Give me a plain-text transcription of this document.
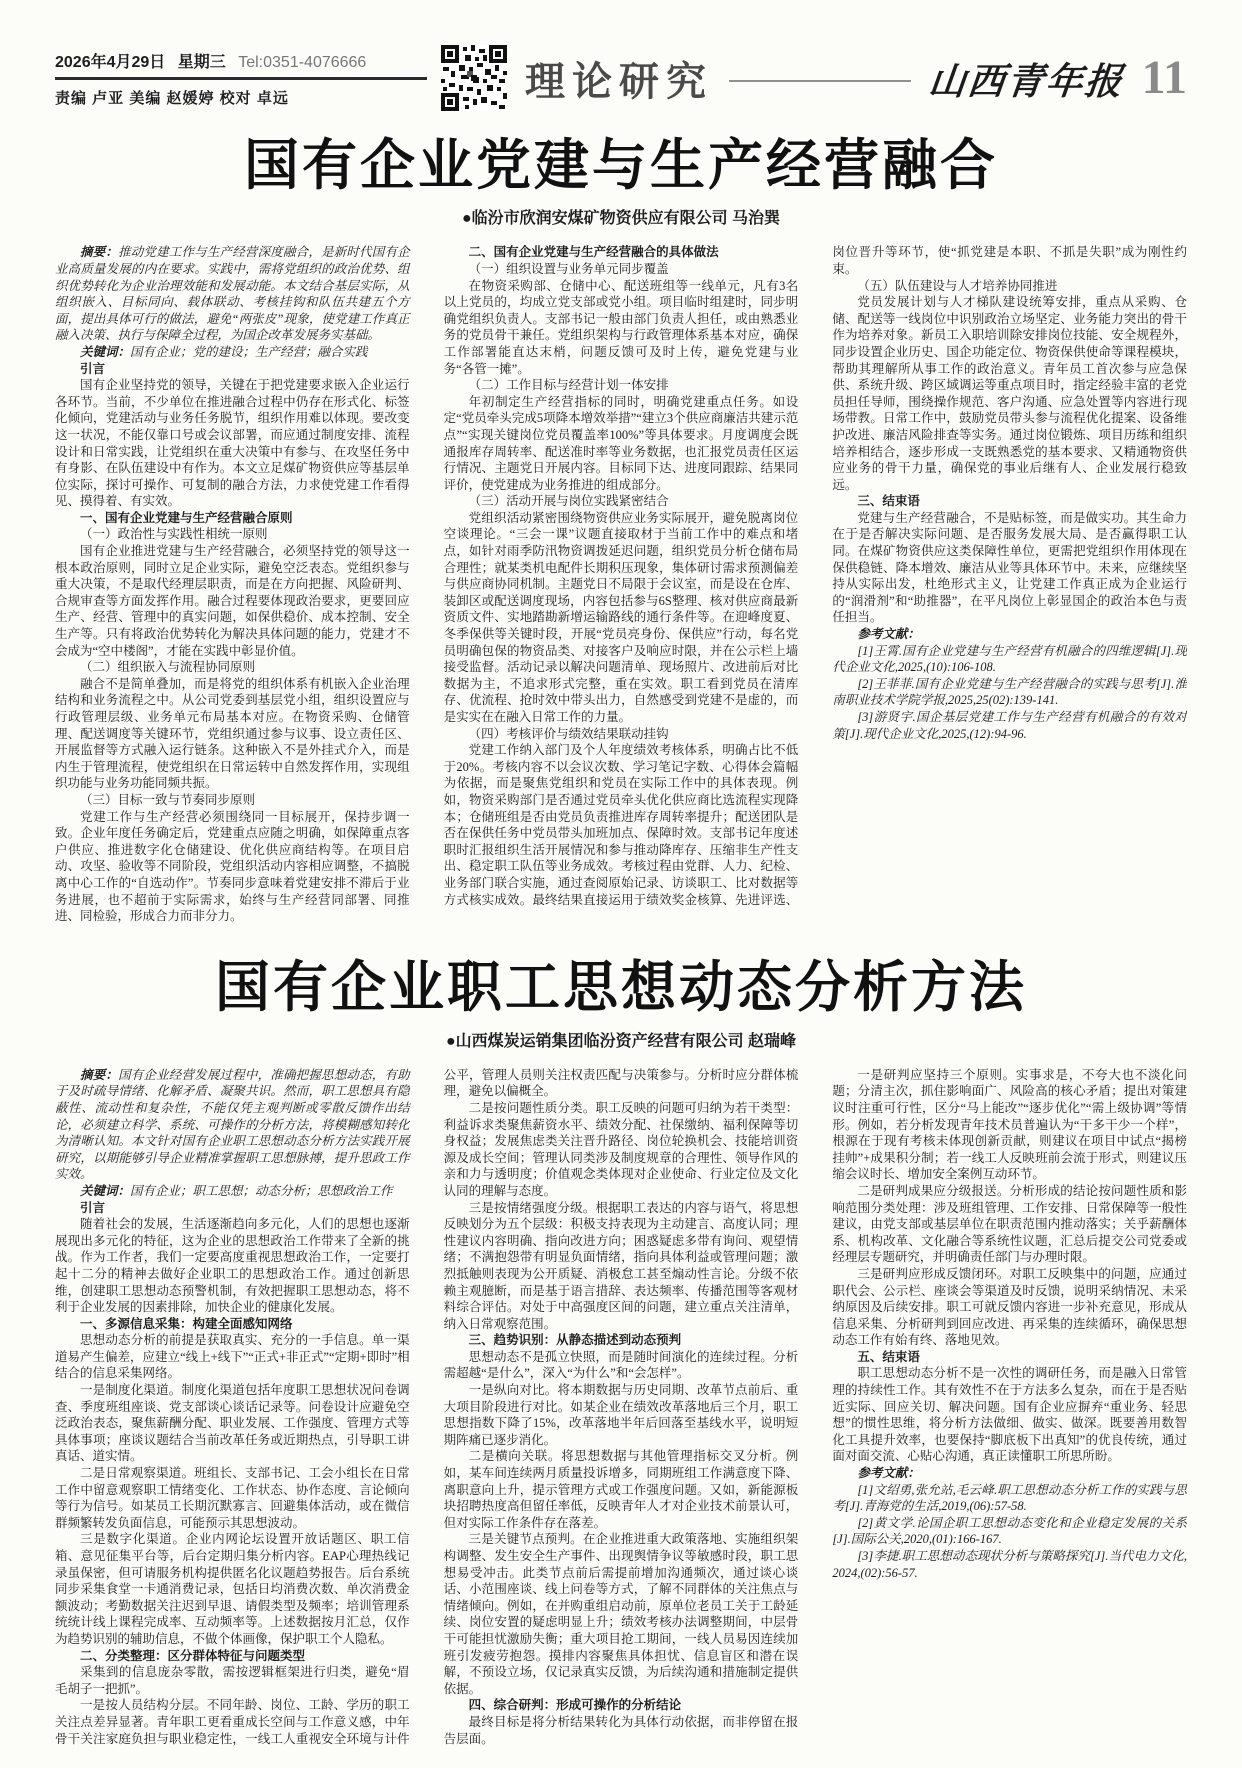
2026年4月29日 星期三 Tel:0351-4076666
责编 卢亚 美编 赵媛婷 校对 卓远	理论研究	山西青年报 11
国有企业党建与生产经营融合
●临汾市欣润安煤矿物资供应有限公司 马治巽

摘要：推动党建工作与生产经营深度融合，是新时代国有企业高质量发展的内在要求。实践中，需将党组织的政治优势、组织优势转化为企业治理效能和发展动能。本文结合基层实际，从组织嵌入、目标同向、载体联动、考核挂钩和队伍共建五个方面，提出具体可行的做法，避免“两张皮”现象，使党建工作真正融入决策、执行与保障全过程，为国企改革发展务实基础。

关键词：国有企业；党的建设；生产经营；融合实践

引言

国有企业坚持党的领导，关键在于把党建要求嵌入企业运行各环节。当前，不少单位在推进融合过程中仍存在形式化、标签化倾向，党建活动与业务任务脱节，组织作用难以体现。要改变这一状况，不能仅靠口号或会议部署，而应通过制度安排、流程设计和日常实践，让党组织在重大决策中有参与、在攻坚任务中有身影、在队伍建设中有作为。本文立足煤矿物资供应等基层单位实际，探讨可操作、可复制的融合方法，力求使党建工作看得见、摸得着、有实效。

一、国有企业党建与生产经营融合原则

（一）政治性与实践性相统一原则

国有企业推进党建与生产经营融合，必须坚持党的领导这一根本政治原则，同时立足企业实际，避免空泛表态。党组织参与重大决策，不是取代经理层职责，而是在方向把握、风险研判、合规审查等方面发挥作用。融合过程要体现政治要求，更要回应生产、经营、管理中的真实问题，如保供稳价、成本控制、安全生产等。只有将政治优势转化为解决具体问题的能力，党建才不会成为“空中楼阁”，才能在实践中彰显价值。

（二）组织嵌入与流程协同原则

融合不是简单叠加，而是将党的组织体系有机嵌入企业治理结构和业务流程之中。从公司党委到基层党小组，组织设置应与行政管理层级、业务单元布局基本对应。在物资采购、仓储管理、配送调度等关键环节，党组织通过参与议事、设立责任区、开展监督等方式融入运行链条。这种嵌入不是外挂式介入，而是内生于管理流程，使党组织在日常运转中自然发挥作用，实现组织功能与业务功能同频共振。

（三）目标一致与节奏同步原则

党建工作与生产经营必须围绕同一目标展开，保持步调一致。企业年度任务确定后，党建重点应随之明确，如保障重点客户供应、推进数字化仓储建设、优化供应商结构等。在项目启动、攻坚、验收等不同阶段，党组织活动内容相应调整，不搞脱离中心工作的“自选动作”。节奏同步意味着党建安排不滞后于业务进展，也不超前于实际需求，始终与生产经营同部署、同推进、同检验，形成合力而非分力。

二、国有企业党建与生产经营融合的具体做法

（一）组织设置与业务单元同步覆盖

在物资采购部、仓储中心、配送班组等一线单元，凡有3名以上党员的，均成立党支部或党小组。项目临时组建时，同步明确党组织负责人。支部书记一般由部门负责人担任，或由熟悉业务的党员骨干兼任。党组织架构与行政管理体系基本对应，确保工作部署能直达末梢，问题反馈可及时上传，避免党建与业务“各管一摊”。

（二）工作目标与经营计划一体安排

年初制定生产经营指标的同时，明确党建重点任务。如设定“党员牵头完成5项降本增效举措”“建立3个供应商廉洁共建示范点”“实现关键岗位党员覆盖率100%”等具体要求。月度调度会既通报库存周转率、配送准时率等业务数据，也汇报党员责任区运行情况、主题党日开展内容。目标同下达、进度同跟踪、结果同评价，使党建成为业务推进的组成部分。

（三）活动开展与岗位实践紧密结合

党组织活动紧密围绕物资供应业务实际展开，避免脱离岗位空谈理论。“三会一课”议题直接取材于当前工作中的难点和堵点，如针对雨季防汛物资调拨延迟问题，组织党员分析仓储布局合理性；就某类机电配件长期积压现象，集体研讨需求预测偏差与供应商协同机制。主题党日不局限于会议室，而是设在仓库、装卸区或配送调度现场，内容包括参与6S整理、核对供应商最新资质文件、实地踏勘新增运输路线的通行条件等。在迎峰度夏、冬季保供等关键时段，开展“党员亮身份、保供应”行动，每名党员明确包保的物资品类、对接客户及响应时限，并在公示栏上墙接受监督。活动记录以解决问题清单、现场照片、改进前后对比数据为主，不追求形式完整，重在实效。职工看到党员在清库存、优流程、抢时效中带头出力，自然感受到党建不是虚的，而是实实在在融入日常工作的力量。

（四）考核评价与绩效结果联动挂钩

党建工作纳入部门及个人年度绩效考核体系，明确占比不低于20%。考核内容不以会议次数、学习笔记字数、心得体会篇幅为依据，而是聚焦党组织和党员在实际工作中的具体表现。例如，物资采购部门是否通过党员牵头优化供应商比选流程实现降本；仓储班组是否由党员负责推进库存周转率提升；配送团队是否在保供任务中党员带头加班加点、保障时效。支部书记年度述职时汇报组织生活开展情况和参与推动降库存、压缩非生产性支出、稳定职工队伍等业务成效。考核过程由党群、人力、纪检、业务部门联合实施，通过查阅原始记录、访谈职工、比对数据等方式核实成效。最终结果直接运用于绩效奖金核算、先进评选、岗位晋升等环节，使“抓党建是本职、不抓是失职”成为刚性约束。

（五）队伍建设与人才培养协同推进

党员发展计划与人才梯队建设统筹安排，重点从采购、仓储、配送等一线岗位中识别政治立场坚定、业务能力突出的骨干作为培养对象。新员工入职培训除安排岗位技能、安全规程外，同步设置企业历史、国企功能定位、物资保供使命等课程模块，帮助其理解所从事工作的政治意义。青年员工首次参与应急保供、系统升级、跨区域调运等重点项目时，指定经验丰富的老党员担任导师，围绕操作规范、客户沟通、应急处置等内容进行现场带教。日常工作中，鼓励党员带头参与流程优化提案、设备维护改进、廉洁风险排查等实务。通过岗位锻炼、项目历练和组织培养相结合，逐步形成一支既熟悉党的基本要求、又精通物资供应业务的骨干力量，确保党的事业后继有人、企业发展行稳致远。

三、结束语

党建与生产经营融合，不是贴标签，而是做实功。其生命力在于是否解决实际问题、是否服务发展大局、是否赢得职工认同。在煤矿物资供应这类保障性单位，更需把党组织作用体现在保供稳链、降本增效、廉洁从业等具体环节中。未来，应继续坚持从实际出发，杜绝形式主义，让党建工作真正成为企业运行的“润滑剂”和“助推器”，在平凡岗位上彰显国企的政治本色与责任担当。

参考文献：

[1]王霄.国有企业党建与生产经营有机融合的四维逻辑[J].现代企业文化,2025,(10):106-108.

[2]王菲菲.国有企业党建与生产经营融合的实践与思考[J].淮南职业技术学院学报,2025,25(02):139-141.

[3]游贤宇.国企基层党建工作与生产经营有机融合的有效对策[J].现代企业文化,2025,(12):94-96.

国有企业职工思想动态分析方法
●山西煤炭运销集团临汾资产经营有限公司 赵瑞峰

摘要：国有企业经营发展过程中，准确把握思想动态，有助于及时疏导情绪、化解矛盾、凝聚共识。然而，职工思想具有隐蔽性、流动性和复杂性，不能仅凭主观判断或零散反馈作出结论，必须建立科学、系统、可操作的分析方法，将模糊感知转化为清晰认知。本文针对国有企业职工思想动态分析方法实践开展研究，以期能够引导企业精准掌握职工思想脉搏，提升思政工作实效。

关键词：国有企业；职工思想；动态分析；思想政治工作

引言

随着社会的发展，生活逐渐趋向多元化，人们的思想也逐渐展现出多元化的特征，这为企业的思想政治工作带来了全新的挑战。作为工作者，我们一定要高度重视思想政治工作，一定要打起十二分的精神去做好企业职工的思想政治工作。通过创新思维，创建职工思想动态预警机制，有效把握职工思想动态，将不利于企业发展的因素排除，加快企业的健康化发展。

一、多源信息采集：构建全面感知网络

思想动态分析的前提是获取真实、充分的一手信息。单一渠道易产生偏差，应建立“线上+线下”“正式+非正式”“定期+即时”相结合的信息采集网络。

一是制度化渠道。制度化渠道包括年度职工思想状况问卷调查、季度班组座谈、党支部谈心谈话记录等。问卷设计应避免空泛政治表态，聚焦薪酬分配、职业发展、工作强度、管理方式等具体事项；座谈议题结合当前改革任务或近期热点，引导职工讲真话、道实情。

二是日常观察渠道。班组长、支部书记、工会小组长在日常工作中留意观察职工情绪变化、工作状态、协作态度、言论倾向等行为信号。如某员工长期沉默寡言、回避集体活动，或在微信群频繁转发负面信息，可能预示其思想波动。

三是数字化渠道。企业内网论坛设置开放话题区、职工信箱、意见征集平台等，后台定期归集分析内容。EAP心理热线记录虽保密，但可请服务机构提供匿名化议题趋势报告。后台系统同步采集食堂一卡通消费记录，包括日均消费次数、单次消费金额波动；考勤数据关注迟到早退、请假类型及频率；培训管理系统统计线上课程完成率、互动频率等。上述数据按月汇总，仅作为趋势识别的辅助信息，不做个体画像，保护职工个人隐私。

二、分类整理：区分群体特征与问题类型

采集到的信息庞杂零散，需按逻辑框架进行归类，避免“眉毛胡子一把抓”。

一是按人员结构分层。不同年龄、岗位、工龄、学历的职工关注点差异显著。青年职工更看重成长空间与工作意义感，中年骨干关注家庭负担与职业稳定性，一线工人重视安全环境与计件公平，管理人员则关注权责匹配与决策参与。分析时应分群体梳理，避免以偏概全。

二是按问题性质分类。职工反映的问题可归纳为若干类型：利益诉求类聚焦薪资水平、绩效分配、社保缴纳、福利保障等切身权益；发展焦虑类关注晋升路径、岗位轮换机会、技能培训资源及成长空间；管理认同类涉及制度规章的合理性、领导作风的亲和力与透明度；价值观念类体现对企业使命、行业定位及文化认同的理解与态度。

三是按情绪强度分级。根据职工表达的内容与语气，将思想反映划分为五个层级：积极支持表现为主动建言、高度认同；理性建议内容明确、指向改进方向；困惑疑虑多带有询问、观望情绪；不满抱怨带有明显负面情绪，指向具体利益或管理问题；激烈抵触则表现为公开质疑、消极怠工甚至煽动性言论。分级不依赖主观臆断，而是基于语言措辞、表达频率、传播范围等客观材料综合评估。对处于中高强度区间的问题，建立重点关注清单，纳入日常观察范围。

三、趋势识别：从静态描述到动态预判

思想动态不是孤立快照，而是随时间演化的连续过程。分析需超越“是什么”，深入“为什么”和“会怎样”。

一是纵向对比。将本期数据与历史同期、改革节点前后、重大项目阶段进行对比。如某企业在绩效改革落地后三个月，职工思想指数下降了15%，改革落地半年后回落至基线水平，说明短期阵痛已逐步消化。

二是横向关联。将思想数据与其他管理指标交叉分析。例如，某车间连续两月质量投诉增多，同期班组工作满意度下降、离职意向上升，提示管理方式或工作强度问题。又如，新能源板块招聘热度高但留任率低，反映青年人才对企业技术前景认可，但对实际工作条件存在落差。

三是关键节点预判。在企业推进重大政策落地、实施组织架构调整、发生安全生产事件、出现舆情争议等敏感时段，职工思想易受冲击。此类节点前后需提前增加沟通频次，通过谈心谈话、小范围座谈、线上问卷等方式，了解不同群体的关注焦点与情绪倾向。例如，在并购重组启动前，原单位老员工关于工龄延续、岗位安置的疑虑明显上升；绩效考核办法调整期间，中层骨干可能担忧激励失衡；重大项目抢工期间，一线人员易因连续加班引发疲劳抱怨。摸排内容聚焦具体担忧、信息盲区和潜在误解，不预设立场，仅记录真实反馈，为后续沟通和措施制定提供依据。

四、综合研判：形成可操作的分析结论

最终目标是将分析结果转化为具体行动依据，而非停留在报告层面。

一是研判应坚持三个原则。实事求是，不夸大也不淡化问题；分清主次，抓住影响面广、风险高的核心矛盾；提出对策建议时注重可行性，区分“马上能改”“逐步优化”“需上级协调”等情形。例如，若分析发现青年技术员普遍认为“干多干少一个样”，根源在于现有考核未体现创新贡献，则建议在项目中试点“揭榜挂帅”+成果积分制；若一线工人反映班前会流于形式，则建议压缩会议时长、增加安全案例互动环节。

二是研判成果应分级报送。分析形成的结论按问题性质和影响范围分类处理：涉及班组管理、工作安排、日常保障等一般性建议，由党支部或基层单位在职责范围内推动落实；关乎薪酬体系、机构改革、文化融合等系统性议题，汇总后提交公司党委或经理层专题研究，并明确责任部门与办理时限。

三是研判应形成反馈闭环。对职工反映集中的问题，应通过职代会、公示栏、座谈会等渠道及时反馈，说明采纳情况、未采纳原因及后续安排。职工可就反馈内容进一步补充意见，形成从信息采集、分析研判到回应改进、再采集的连续循环，确保思想动态工作有始有终、落地见效。

五、结束语

职工思想动态分析不是一次性的调研任务，而是融入日常管理的持续性工作。其有效性不在于方法多么复杂，而在于是否贴近实际、回应关切、解决问题。国有企业应摒弃“重业务、轻思想”的惯性思维，将分析方法做细、做实、做深。既要善用数智化工具提升效率，也要保持“脚底板下出真知”的优良传统，通过面对面交流、心贴心沟通，真正读懂职工所思所盼。

参考文献：

[1]文绍勇,张允站,毛云峰.职工思想动态分析工作的实践与思考[J].青海党的生活,2019,(06):57-58.

[2]黄文学.论国企职工思想动态变化和企业稳定发展的关系[J].国际公关,2020,(01):166-167.

[3]李捷.职工思想动态现状分析与策略探究[J].当代电力文化,2024,(02):56-57.
